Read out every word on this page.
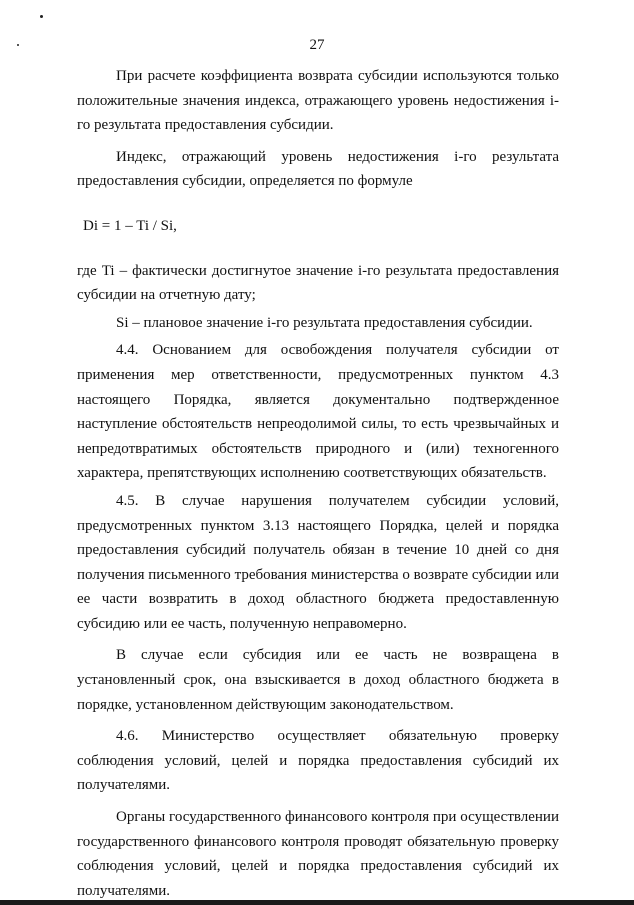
27

При расчете коэффициента возврата субсидии используются только положительные значения индекса, отражающего уровень недостижения i-го результата предоставления субсидии.

Индекс, отражающий уровень недостижения i-го результата предоставления субсидии, определяется по формуле

Di = 1 – Ti / Si,

где Ti – фактически достигнутое значение i-го результата предоставления субсидии на отчетную дату;

Si – плановое значение i-го результата предоставления субсидии.

4.4. Основанием для освобождения получателя субсидии от применения мер ответственности, предусмотренных пунктом 4.3 настоящего Порядка, является документально подтвержденное наступление обстоятельств непреодолимой силы, то есть чрезвычайных и непредотвратимых обстоятельств природного и (или) техногенного характера, препятствующих исполнению соответствующих обязательств.

4.5. В случае нарушения получателем субсидии условий, предусмотренных пунктом 3.13 настоящего Порядка, целей и порядка предоставления субсидий получатель обязан в течение 10 дней со дня получения письменного требования министерства о возврате субсидии или ее части возвратить в доход областного бюджета предоставленную субсидию или ее часть, полученную неправомерно.

В случае если субсидия или ее часть не возвращена в установленный срок, она взыскивается в доход областного бюджета в порядке, установленном действующим законодательством.

4.6. Министерство осуществляет обязательную проверку соблюдения условий, целей и порядка предоставления субсидий их получателями.

Органы государственного финансового контроля при осуществлении государственного финансового контроля проводят обязательную проверку соблюдения условий, целей и порядка предоставления субсидий их получателями.
